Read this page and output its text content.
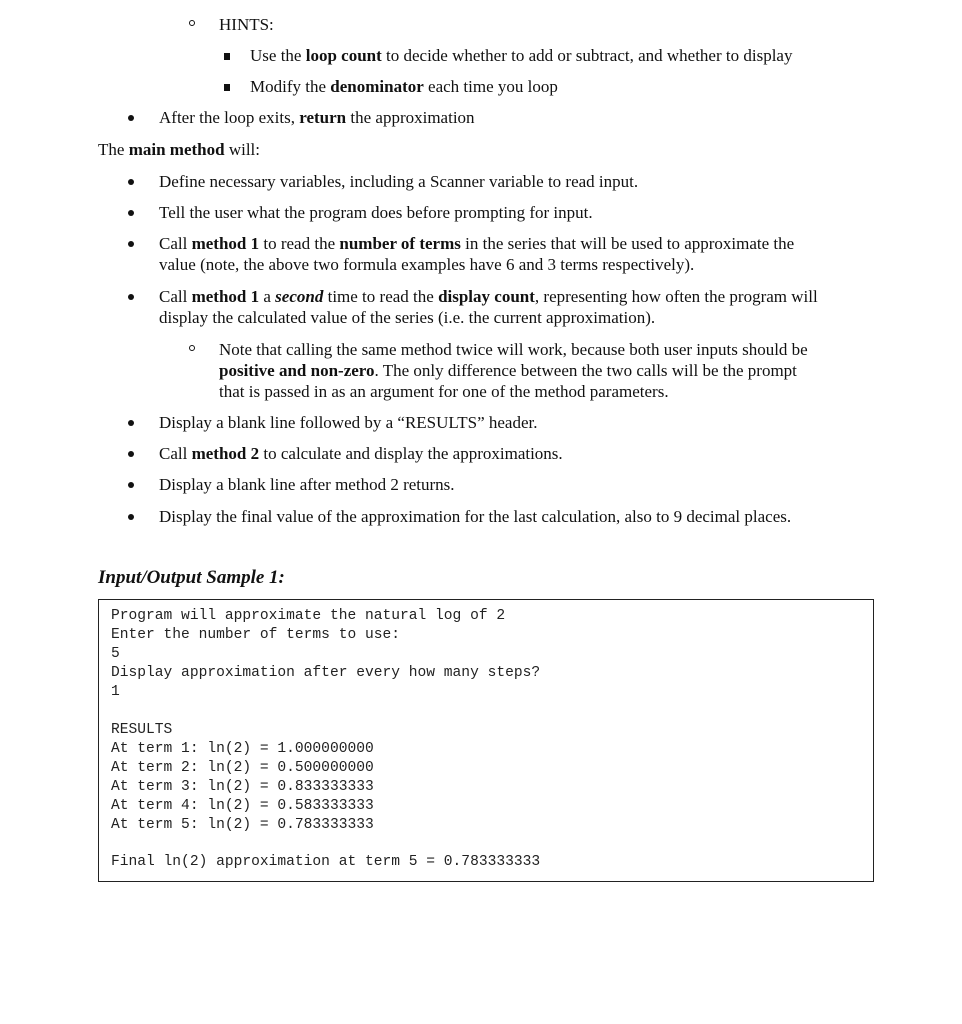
HINTS:
Use the loop count to decide whether to add or subtract, and whether to display
Modify the denominator each time you loop
After the loop exits, return the approximation
The main method will:
Define necessary variables, including a Scanner variable to read input.
Tell the user what the program does before prompting for input.
Call method 1 to read the number of terms in the series that will be used to approximate the
value (note, the above two formula examples have 6 and 3 terms respectively).
Call method 1 a second time to read the display count, representing how often the program will
display the calculated value of the series (i.e. the current approximation).
Note that calling the same method twice will work, because both user inputs should be
positive and non-zero. The only difference between the two calls will be the prompt
that is passed in as an argument for one of the method parameters.
Display a blank line followed by a “RESULTS” header.
Call method 2 to calculate and display the approximations.
Display a blank line after method 2 returns.
Display the final value of the approximation for the last calculation, also to 9 decimal places.
Input/Output Sample 1:
Program will approximate the natural log of 2
Enter the number of terms to use:
5
Display approximation after every how many steps?
1
RESULTS
At term 1: ln(2) = 1.000000000
At term 2: ln(2) = 0.500000000
At term 3: ln(2) = 0.833333333
At term 4: ln(2) = 0.583333333
At term 5: ln(2) = 0.783333333
Final ln(2) approximation at term 5 = 0.783333333
